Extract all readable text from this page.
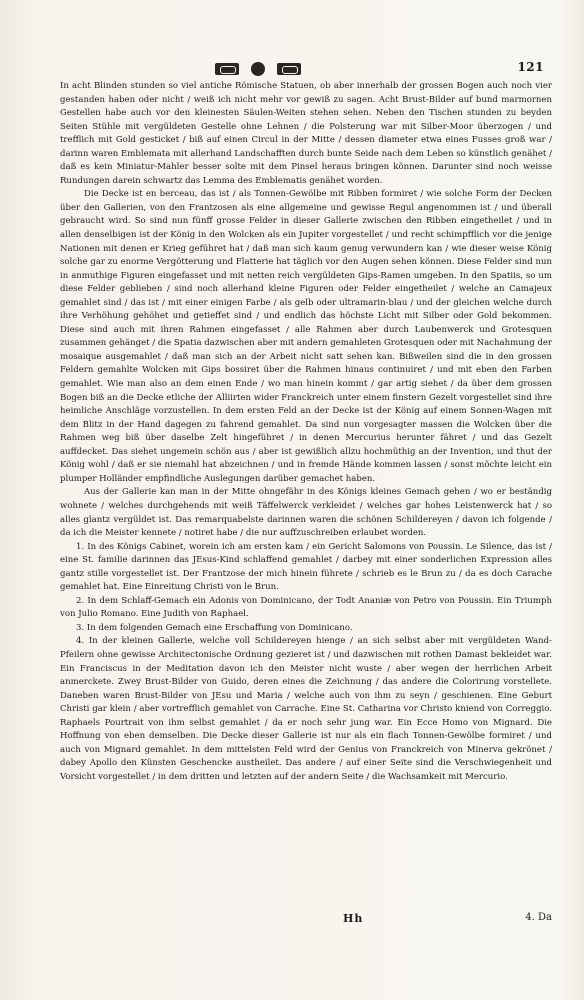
121

In acht Blinden stunden so viel antiche Römische Statuen, ob aber innerhalb der grossen Bogen auch noch vier gestanden haben oder nicht / weiß ich nicht mehr vor gewiß zu sagen. Acht Brust-Bilder auf bund marmornen Gestellen habe auch vor den kleinesten Säulen-Weiten stehen sehen. Neben den Tischen stunden zu beyden Seiten Stühle mit vergüldeten Gestelle ohne Lehnen / die Polsterung war mit Silber-Moor überzogen / und trefflich mit Gold gesticket / biß auf einen Circul in der Mitte / dessen diameter etwa eines Fusses groß war / darinn waren Emblemata mit allerhand Landschafften durch bunte Seide nach dem Leben so künstlich genähet / daß es kein Miniatur-Mahler besser solte mit dem Pinsel heraus bringen können. Darunter sind noch weisse Rundungen darein schwartz das Lemma des Emblematis genähet worden.

Die Decke ist en berceau, das ist / als Tonnen-Gewölbe mit Ribben formiret / wie solche Form der Decken über den Gallerien, von den Frantzosen als eine allgemeine und gewisse Regul angenommen ist / und überall gebraucht wird. So sind nun fünff grosse Felder in dieser Gallerie zwischen den Ribben eingetheilet / und in allen denselbigen ist der König in den Wolcken als ein Jupiter vorgestellet / und recht schimpfflich vor die jenige Nationen mit denen er Krieg geführet hat / daß man sich kaum genug verwundern kan / wie dieser weise König solche gar zu enorme Vergötterung und Flatterie hat täglich vor den Augen sehen können. Diese Felder sind nun in anmuthige Figuren eingefasset und mit netten reich vergüldeten Gips-Ramen umgeben. In den Spatiis, so um diese Felder geblieben / sind noch allerhand kleine Figuren oder Felder eingetheilet / welche an Camajeux gemahlet sind / das ist / mit einer einigen Farbe / als gelb oder ultramarin-blau / und der gleichen welche durch ihre Verhöhung gehöhet und getieffet sind / und endlich das höchste Licht mit Silber oder Gold bekommen. Diese sind auch mit ihren Rahmen eingefasset / alle Rahmen aber durch Laubenwerck und Grotesquen zusammen gehänget / die Spatia dazwischen aber mit andern gemahleten Grotesquen oder mit Nachahmung der mosaique ausgemahlet / daß man sich an der Arbeit nicht satt sehen kan. Bißweilen sind die in den grossen Feldern gemahlte Wolcken mit Gips bossiret über die Rahmen hinaus continuiret / und mit eben den Farben gemahlet. Wie man also an dem einen Ende / wo man hinein kommt / gar artig siehet / da über dem grossen Bogen biß an die Decke etliche der Alliirten wider Franckreich unter einem finstern Gezelt vorgestellet sind ihre heimliche Anschläge vorzustellen. In dem ersten Feld an der Decke ist der König auf einem Sonnen-Wagen mit dem Blitz in der Hand dagegen zu fahrend gemahlet. Da sind nun vorgesagter massen die Wolcken über die Rahmen weg biß über daselbe Zelt hingeführet / in denen Mercurius herunter fähret / und das Gezelt auffdecket. Das siehet ungemein schön aus / aber ist gewißlich allzu hochmüthig an der Invention, und thut der König wohl / daß er sie niemahl hat abzeichnen / und in fremde Hände kommen lassen / sonst möchte leicht ein plumper Holländer empfindliche Auslegungen darüber gemachet haben.

Aus der Gallerie kan man in der Mitte ohngefähr in des Königs kleines Gemach gehen / wo er beständig wohnete / welches durchgehends mit weiß Täffelwerck verkleidet / welches gar hohes Leistenwerck hat / so alles glantz vergüldet ist. Das remarquabelste darinnen waren die schönen Schildereyen / davon ich folgende / da ich die Meister kennete / notiret habe / die nur auffzuschreiben erlaubet worden.

1. In des Königs Cabinet, worein ich am ersten kam / ein Gericht Salomons von Poussin. Le Silence, das ist / eine St. familie darinnen das JEsus-Kind schlaffend gemahlet / darbey mit einer sonderlichen Expression alles gantz stille vorgestellet ist. Der Frantzose der mich hinein führete / schrieb es le Brun zu / da es doch Carache gemahlet hat. Eine Einreitung Christi von le Brun.

2. In dem Schlaff-Gemach ein Adonis von Dominicano, der Todt Ananiæ von Petro von Poussin. Ein Triumph von Julio Romano. Eine Judith von Raphael.

3. In dem folgenden Gemach eine Erschaffung von Dominicano.

4. In der kleinen Gallerie, welche voll Schildereyen hienge / an sich selbst aber mit vergüldeten Wand-Pfeilern ohne gewisse Architectonische Ordnung gezieret ist / und dazwischen mit rothen Damast bekleidet war. Ein Franciscus in der Meditation davon ich den Meister nicht wuste / aber wegen der herrlichen Arbeit anmerckete. Zwey Brust-Bilder von Guido, deren eines die Zeichnung / das andere die Colorirung vorstellete. Daneben waren Brust-Bilder von JEsu und Maria / welche auch von ihm zu seyn / geschienen. Eine Geburt Christi gar klein / aber vortrefflich gemahlet von Carrache. Eine St. Catharina vor Christo kniend von Correggio. Raphaels Pourtrait von ihm selbst gemahlet / da er noch sehr jung war. Ein Ecce Homo von Mignard. Die Hoffnung von eben demselben. Die Decke dieser Gallerie ist nur als ein flach Tonnen-Gewölbe formiret / und auch von Mignard gemahlet. In dem mittelsten Feld wird der Genius von Franckreich von Minerva gekrönet / dabey Apollo den Künsten Geschencke austheilet. Das andere / auf einer Seite sind die Verschwiegenheit und Vorsicht vorgestellet / in dem dritten und letzten auf der andern Seite / die Wachsamkeit mit Mercurio.

Hh	4. Da
